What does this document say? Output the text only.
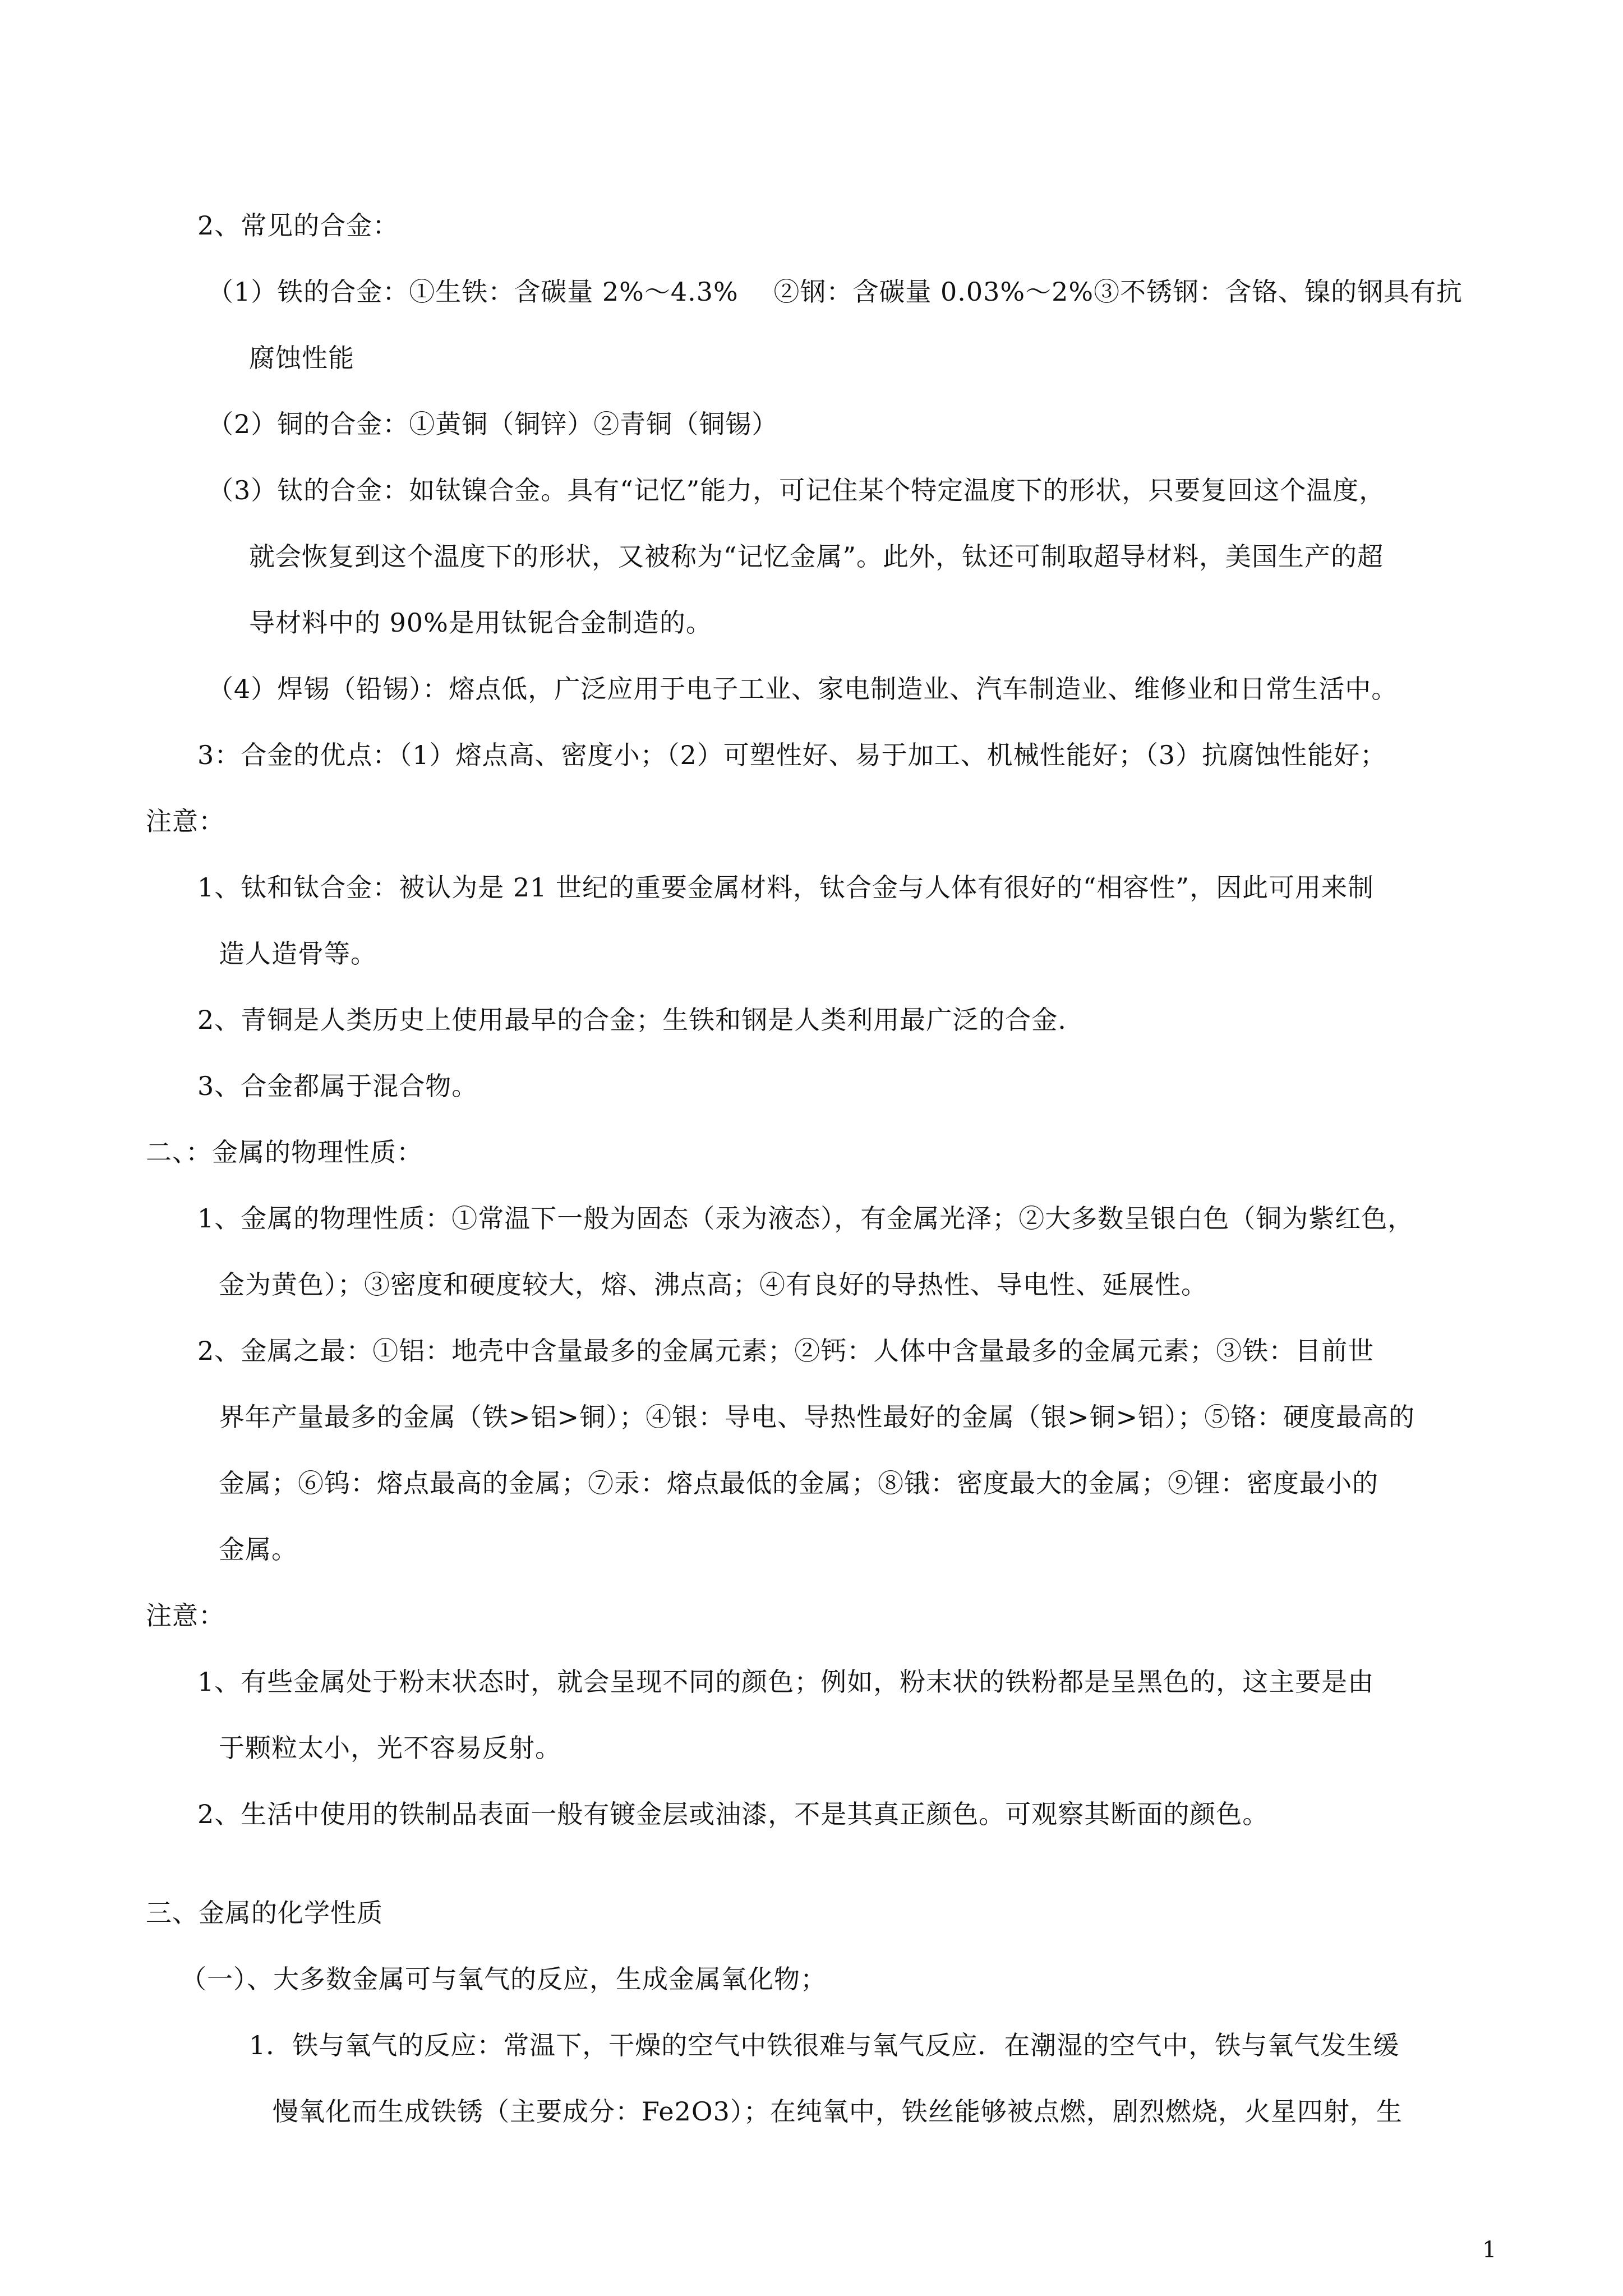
2、常见的合金：
（1）铁的合金：①生铁：含碳量 2%～4.3%　 ②钢：含碳量 0.03%～2%③不锈钢：含铬、镍的钢具有抗
腐蚀性能
（2）铜的合金：①黄铜（铜锌）②青铜（铜锡）
（3）钛的合金：如钛镍合金。具有“记忆”能力，可记住某个特定温度下的形状，只要复回这个温度，
就会恢复到这个温度下的形状，又被称为“记忆金属”。此外，钛还可制取超导材料，美国生产的超
导材料中的 90%是用钛铌合金制造的。
（4）焊锡（铅锡）：熔点低，广泛应用于电子工业、家电制造业、汽车制造业、维修业和日常生活中。
3：合金的优点：（1）熔点高、密度小；（2）可塑性好、易于加工、机械性能好；（3）抗腐蚀性能好；
注意：
1、钛和钛合金：被认为是 21 世纪的重要金属材料，钛合金与人体有很好的“相容性”，因此可用来制
造人造骨等。
2、青铜是人类历史上使用最早的合金；生铁和钢是人类利用最广泛的合金.
3、合金都属于混合物。
二、：金属的物理性质：
1、金属的物理性质：①常温下一般为固态（汞为液态），有金属光泽；②大多数呈银白色（铜为紫红色，
金为黄色）；③密度和硬度较大，熔、沸点高；④有良好的导热性、导电性、延展性。
2、金属之最：①铝：地壳中含量最多的金属元素；②钙：人体中含量最多的金属元素；③铁：目前世
界年产量最多的金属（铁>铝>铜）；④银：导电、导热性最好的金属（银>铜>铝）；⑤铬：硬度最高的
金属；⑥钨：熔点最高的金属；⑦汞：熔点最低的金属；⑧锇：密度最大的金属；⑨锂：密度最小的
金属。
注意：
1、有些金属处于粉末状态时，就会呈现不同的颜色；例如，粉末状的铁粉都是呈黑色的，这主要是由
于颗粒太小，光不容易反射。
2、生活中使用的铁制品表面一般有镀金层或油漆，不是其真正颜色。可观察其断面的颜色。
三、金属的化学性质
（一）、大多数金属可与氧气的反应，生成金属氧化物；
1．铁与氧气的反应：常温下，干燥的空气中铁很难与氧气反应．在潮湿的空气中，铁与氧气发生缓
慢氧化而生成铁锈（主要成分：Fe2O3）；在纯氧中，铁丝能够被点燃，剧烈燃烧，火星四射，生
1
